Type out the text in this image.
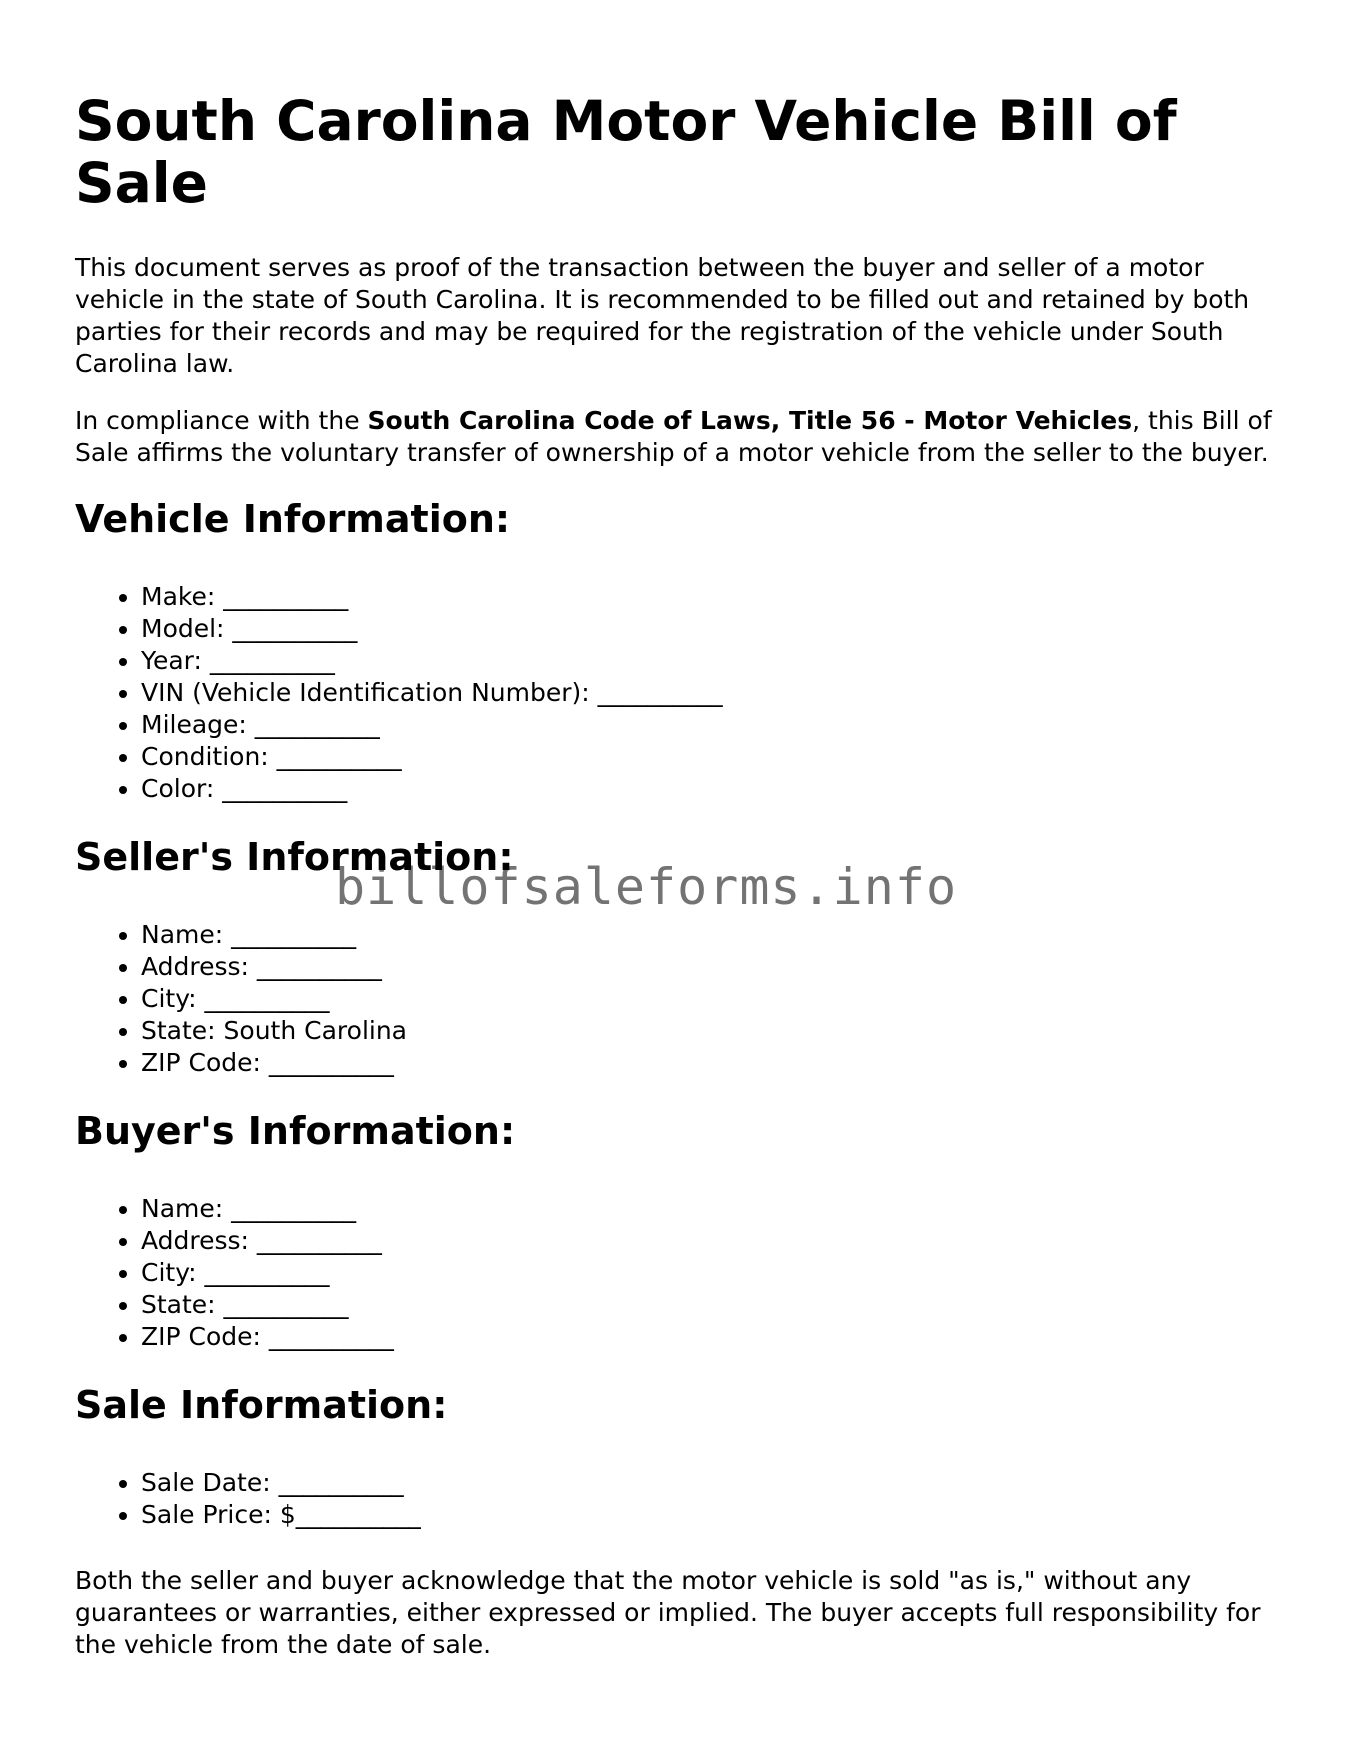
South Carolina Motor Vehicle Bill of Sale

This document serves as proof of the transaction between the buyer and seller of a motor vehicle in the state of South Carolina. It is recommended to be filled out and retained by both parties for their records and may be required for the registration of the vehicle under South Carolina law.

In compliance with the South Carolina Code of Laws, Title 56 - Motor Vehicles, this Bill of Sale affirms the voluntary transfer of ownership of a motor vehicle from the seller to the buyer.

Vehicle Information:
• Make: __________
• Model: __________
• Year: __________
• VIN (Vehicle Identification Number): __________
• Mileage: __________
• Condition: __________
• Color: __________
Seller's Information:
• Name: __________
• Address: __________
• City: __________
• State: South Carolina
• ZIP Code: __________
Buyer's Information:
• Name: __________
• Address: __________
• City: __________
• State: __________
• ZIP Code: __________
Sale Information:
• Sale Date: __________
• Sale Price: $__________

Both the seller and buyer acknowledge that the motor vehicle is sold "as is," without any guarantees or warranties, either expressed or implied. The buyer accepts full responsibility for the vehicle from the date of sale.

billofsaleforms.info
